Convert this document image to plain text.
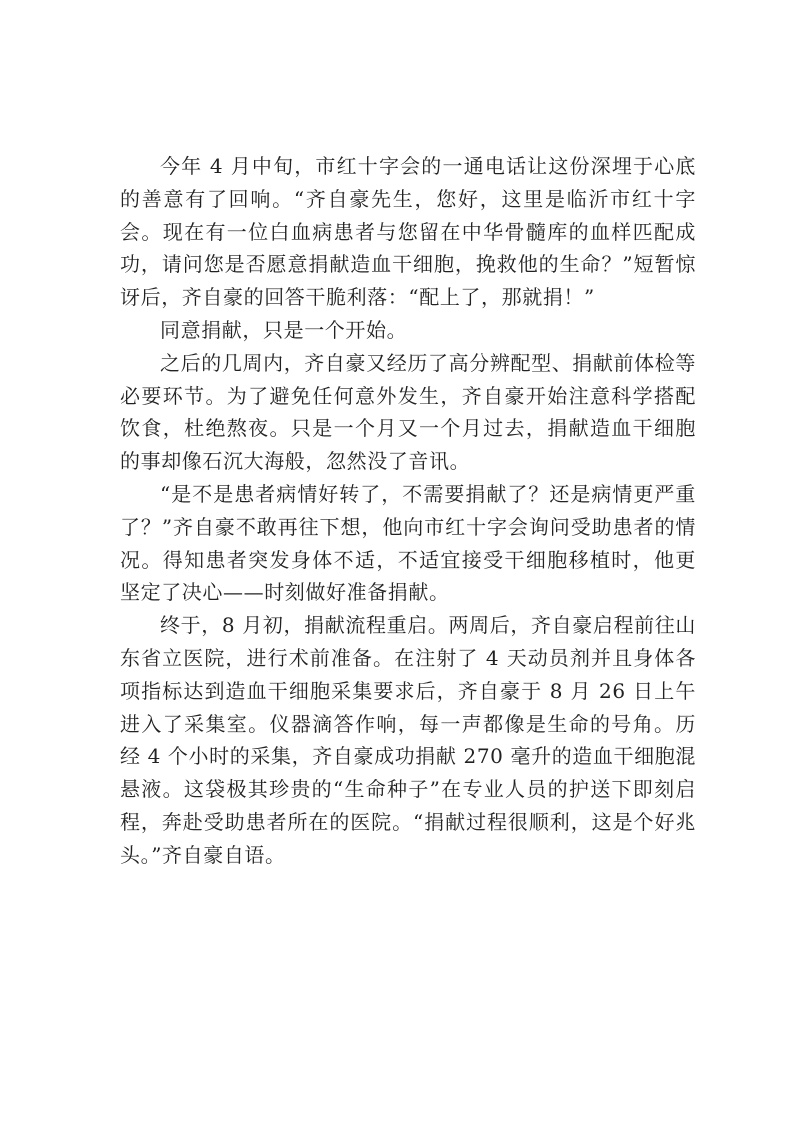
今年 4 月中旬，市红十字会的一通电话让这份深埋于心底的善意有了回响。“齐自豪先生，您好，这里是临沂市红十字会。现在有一位白血病患者与您留在中华骨髓库的血样匹配成功，请问您是否愿意捐献造血干细胞，挽救他的生命？”短暂惊讶后，齐自豪的回答干脆利落：“配上了，那就捐！”

同意捐献，只是一个开始。

之后的几周内，齐自豪又经历了高分辨配型、捐献前体检等必要环节。为了避免任何意外发生，齐自豪开始注意科学搭配饮食，杜绝熬夜。只是一个月又一个月过去，捐献造血干细胞的事却像石沉大海般，忽然没了音讯。

“是不是患者病情好转了，不需要捐献了？还是病情更严重了？”齐自豪不敢再往下想，他向市红十字会询问受助患者的情况。得知患者突发身体不适，不适宜接受干细胞移植时，他更坚定了决心——时刻做好准备捐献。

终于，8 月初，捐献流程重启。两周后，齐自豪启程前往山东省立医院，进行术前准备。在注射了 4 天动员剂并且身体各项指标达到造血干细胞采集要求后，齐自豪于 8 月 26 日上午进入了采集室。仪器滴答作响，每一声都像是生命的号角。历经 4 个小时的采集，齐自豪成功捐献 270 毫升的造血干细胞混悬液。这袋极其珍贵的“生命种子”在专业人员的护送下即刻启程，奔赴受助患者所在的医院。“捐献过程很顺利，这是个好兆头。”齐自豪自语。
